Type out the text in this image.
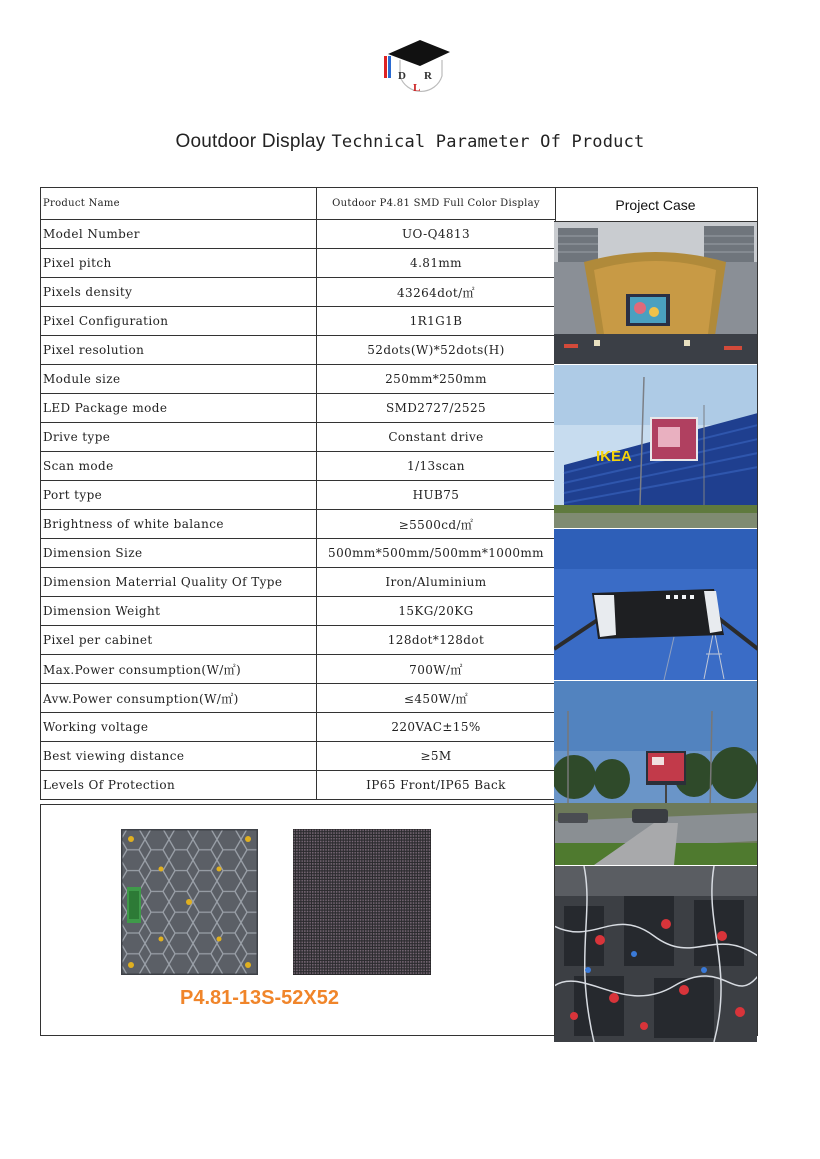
D R
L
Ooutdoor Display Technical Parameter Of Product
Product Name	Outdoor P4.81 SMD Full Color Display
Model Number	UO-Q4813
Pixel pitch	4.81mm
Pixels density	43264dot/㎡
Pixel Configuration	1R1G1B
Pixel resolution	52dots(W)*52dots(H)
Module size	250mm*250mm
LED Package mode	SMD2727/2525
Drive type	Constant drive
Scan mode	1/13scan
Port type	HUB75
Brightness of white balance	≥5500cd/㎡
Dimension Size	500mm*500mm/500mm*1000mm
Dimension Materrial Quality Of Type	Iron/Aluminium
Dimension Weight	15KG/20KG
Pixel per cabinet	128dot*128dot
Max.Power consumption(W/㎡)	700W/㎡
Avw.Power consumption(W/㎡)	≤450W/㎡
Working voltage	220VAC±15%
Best viewing distance	≥5M
Levels Of Protection	IP65 Front/IP65 Back
Project Case
IKEA
P4.81-13S-52X52
